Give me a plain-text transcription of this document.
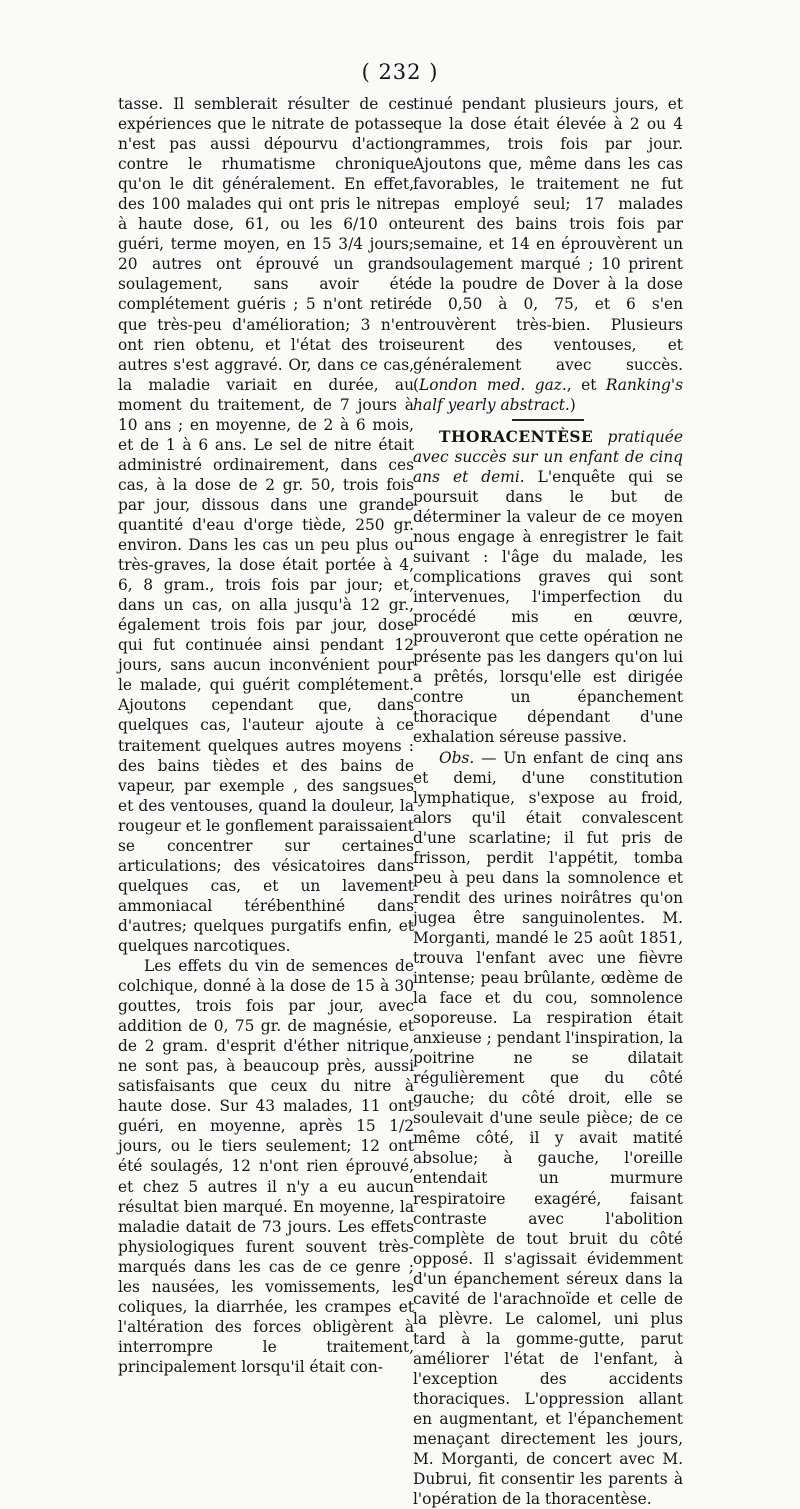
( 232 )

tasse. Il semblerait résulter de ces expériences que le nitrate de potasse n'est pas aussi dépourvu d'action contre le rhumatisme chronique qu'on le dit généralement. En effet, des 100 malades qui ont pris le nitre à haute dose, 61, ou les 6/10 ont guéri, terme moyen, en 15 3/4 jours; 20 autres ont éprouvé un grand soulagement, sans avoir été complétement guéris ; 5 n'ont retiré que très-peu d'amélioration; 3 n'en ont rien obtenu, et l'état des trois autres s'est aggravé. Or, dans ce cas, la maladie variait en durée, au moment du traitement, de 7 jours à 10 ans ; en moyenne, de 2 à 6 mois, et de 1 à 6 ans. Le sel de nitre était administré ordinairement, dans ces cas, à la dose de 2 gr. 50, trois fois par jour, dissous dans une grande quantité d'eau d'orge tiède, 250 gr. environ. Dans les cas un peu plus ou très-graves, la dose était portée à 4, 6, 8 gram., trois fois par jour; et, dans un cas, on alla jusqu'à 12 gr., également trois fois par jour, dose qui fut continuée ainsi pendant 12 jours, sans aucun inconvénient pour le malade, qui guérit complétement. Ajoutons cependant que, dans quelques cas, l'auteur ajoute à ce traitement quelques autres moyens : des bains tièdes et des bains de vapeur, par exemple , des sangsues et des ventouses, quand la douleur, la rougeur et le gonflement paraissaient se concentrer sur certaines articulations; des vésicatoires dans quelques cas, et un lavement ammoniacal térébenthiné dans d'autres; quelques purgatifs enfin, et quelques narcotiques.

Les effets du vin de semences de colchique, donné à la dose de 15 à 30 gouttes, trois fois par jour, avec addition de 0, 75 gr. de magnésie, et de 2 gram. d'esprit d'éther nitrique, ne sont pas, à beaucoup près, aussi satisfaisants que ceux du nitre à haute dose. Sur 43 malades, 11 ont guéri, en moyenne, après 15 1/2 jours, ou le tiers seulement; 12 ont été soulagés, 12 n'ont rien éprouvé, et chez 5 autres il n'y a eu aucun résultat bien marqué. En moyenne, la maladie datait de 73 jours. Les effets physiologiques furent souvent très-marqués dans les cas de ce genre ; les nausées, les vomissements, les coliques, la diarrhée, les crampes et l'altération des forces obligèrent à interrompre le traitement, principalement lorsqu'il était con-

tinué pendant plusieurs jours, et que la dose était élevée à 2 ou 4 grammes, trois fois par jour. Ajoutons que, même dans les cas favorables, le traitement ne fut pas employé seul; 17 malades eurent des bains trois fois par semaine, et 14 en éprouvèrent un soulagement marqué ; 10 prirent de la poudre de Dover à la dose de 0,50 à 0, 75, et 6 s'en trouvèrent très-bien. Plusieurs eurent des ventouses, et généralement avec succès. (London med. gaz., et Ranking's half yearly abstract.)

THORACENTÈSE pratiquée avec succès sur un enfant de cinq ans et demi. L'enquête qui se poursuit dans le but de déterminer la valeur de ce moyen nous engage à enregistrer le fait suivant : l'âge du malade, les complications graves qui sont intervenues, l'imperfection du procédé mis en œuvre, prouveront que cette opération ne présente pas les dangers qu'on lui a prêtés, lorsqu'elle est dirigée contre un épanchement thoracique dépendant d'une exhalation séreuse passive.

Obs. — Un enfant de cinq ans et demi, d'une constitution lymphatique, s'expose au froid, alors qu'il était convalescent d'une scarlatine; il fut pris de frisson, perdit l'appétit, tomba peu à peu dans la somnolence et rendit des urines noirâtres qu'on jugea être sanguinolentes. M. Morganti, mandé le 25 août 1851, trouva l'enfant avec une fièvre intense; peau brûlante, œdème de la face et du cou, somnolence soporeuse. La respiration était anxieuse ; pendant l'inspiration, la poitrine ne se dilatait régulièrement que du côté gauche; du côté droit, elle se soulevait d'une seule pièce; de ce même côté, il y avait matité absolue; à gauche, l'oreille entendait un murmure respiratoire exagéré, faisant contraste avec l'abolition complète de tout bruit du côté opposé. Il s'agissait évidemment d'un épanchement séreux dans la cavité de l'arachnoïde et celle de la plèvre. Le calomel, uni plus tard à la gomme-gutte, parut améliorer l'état de l'enfant, à l'exception des accidents thoraciques. L'oppression allant en augmentant, et l'épanchement menaçant directement les jours, M. Morganti, de concert avec M. Dubrui, fit consentir les parents à l'opération de la thoracentèse.
